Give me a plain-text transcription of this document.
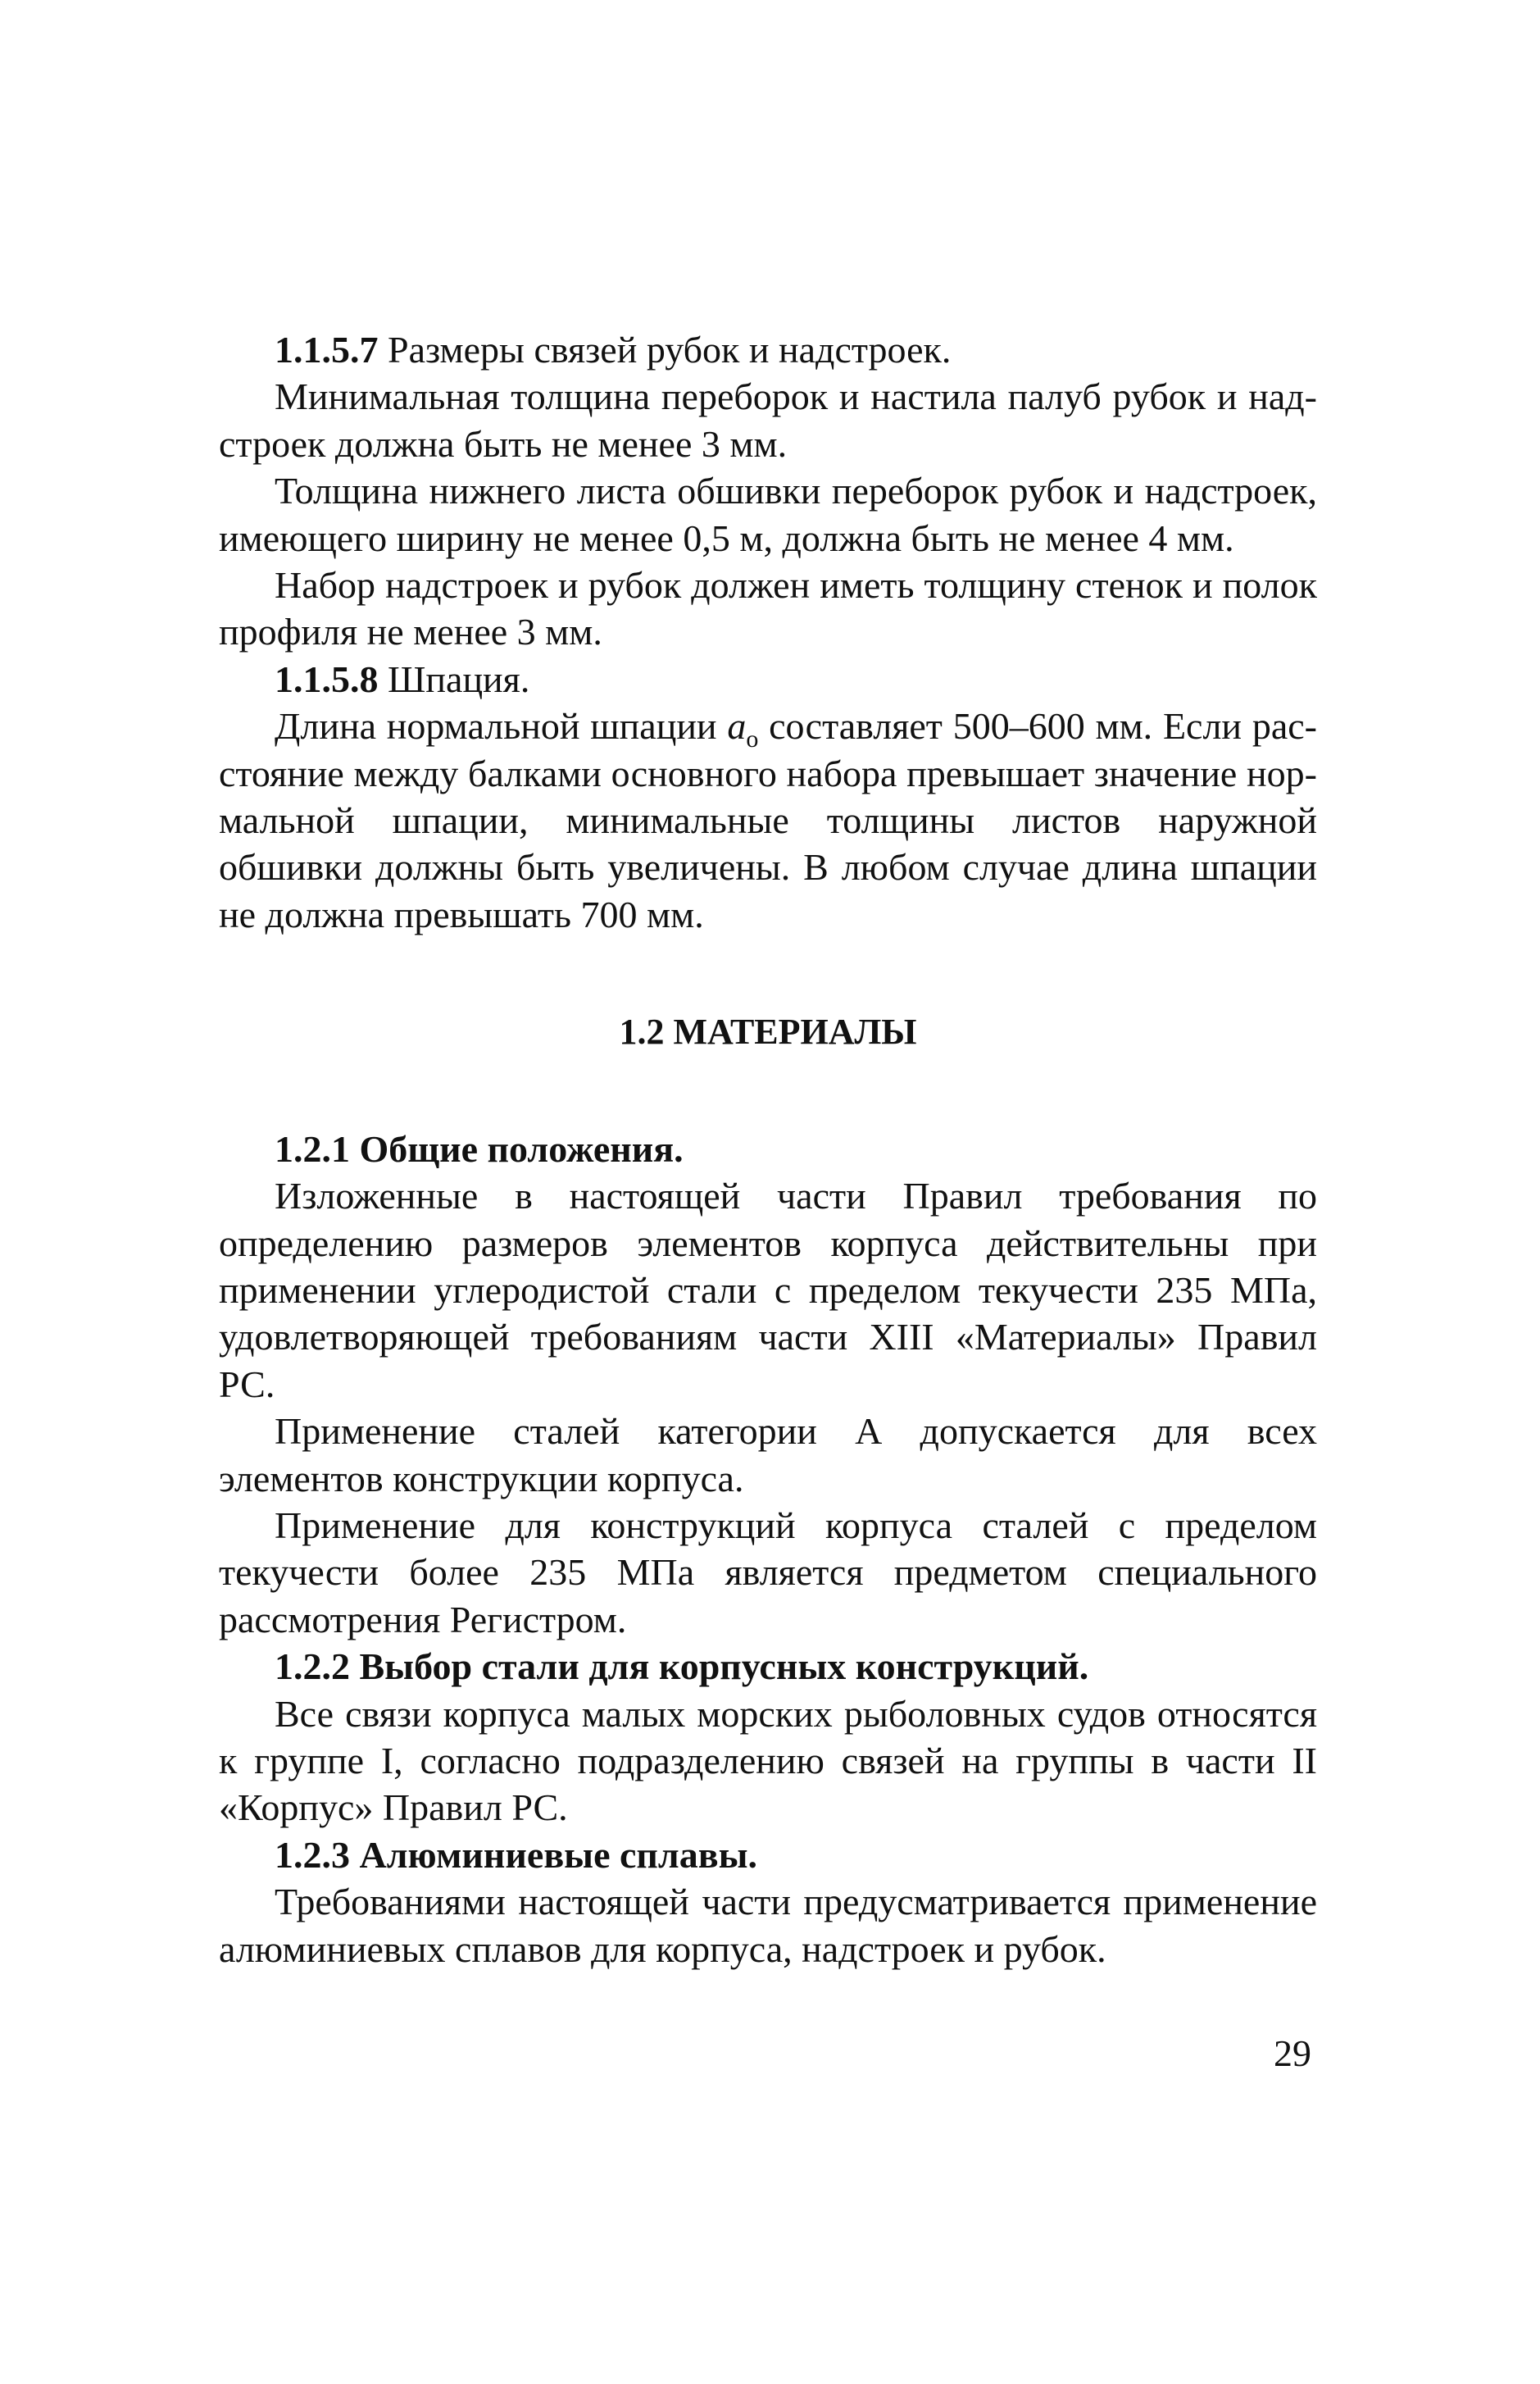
1.1.5.7 Размеры связей рубок и надстроек.

Минимальная толщина переборок и настила палуб рубок и надстроек должна быть не менее 3 мм.

Толщина нижнего листа обшивки переборок рубок и надстроек, имеющего ширину не менее 0,5 м, должна быть не менее 4 мм.

Набор надстроек и рубок должен иметь толщину стенок и полок профиля не менее 3 мм.

1.1.5.8 Шпация.

Длина нормальной шпации $a_o$ составляет 500–600 мм. Если расстояние между балками основного набора превышает значение нормальной шпации, минимальные толщины листов наружной обшивки должны быть увеличены. В любом случае длина шпации не должна превышать 700 мм.

1.2 МАТЕРИАЛЫ

1.2.1 Общие положения.

Изложенные в настоящей части Правил требования по определению размеров элементов корпуса действительны при применении углеродистой стали с пределом текучести 235 МПа, удовлетворяющей требованиям части XIII «Материалы» Правил РС.

Применение сталей категории А допускается для всех элементов конструкции корпуса.

Применение для конструкций корпуса сталей с пределом текучести более 235 МПа является предметом специального рассмотрения Регистром.

1.2.2 Выбор стали для корпусных конструкций.

Все связи корпуса малых морских рыболовных судов относятся к группе I, согласно подразделению связей на группы в части II «Корпус» Правил РС.

1.2.3 Алюминиевые сплавы.

Требованиями настоящей части предусматривается применение алюминиевых сплавов для корпуса, надстроек и рубок.

29
